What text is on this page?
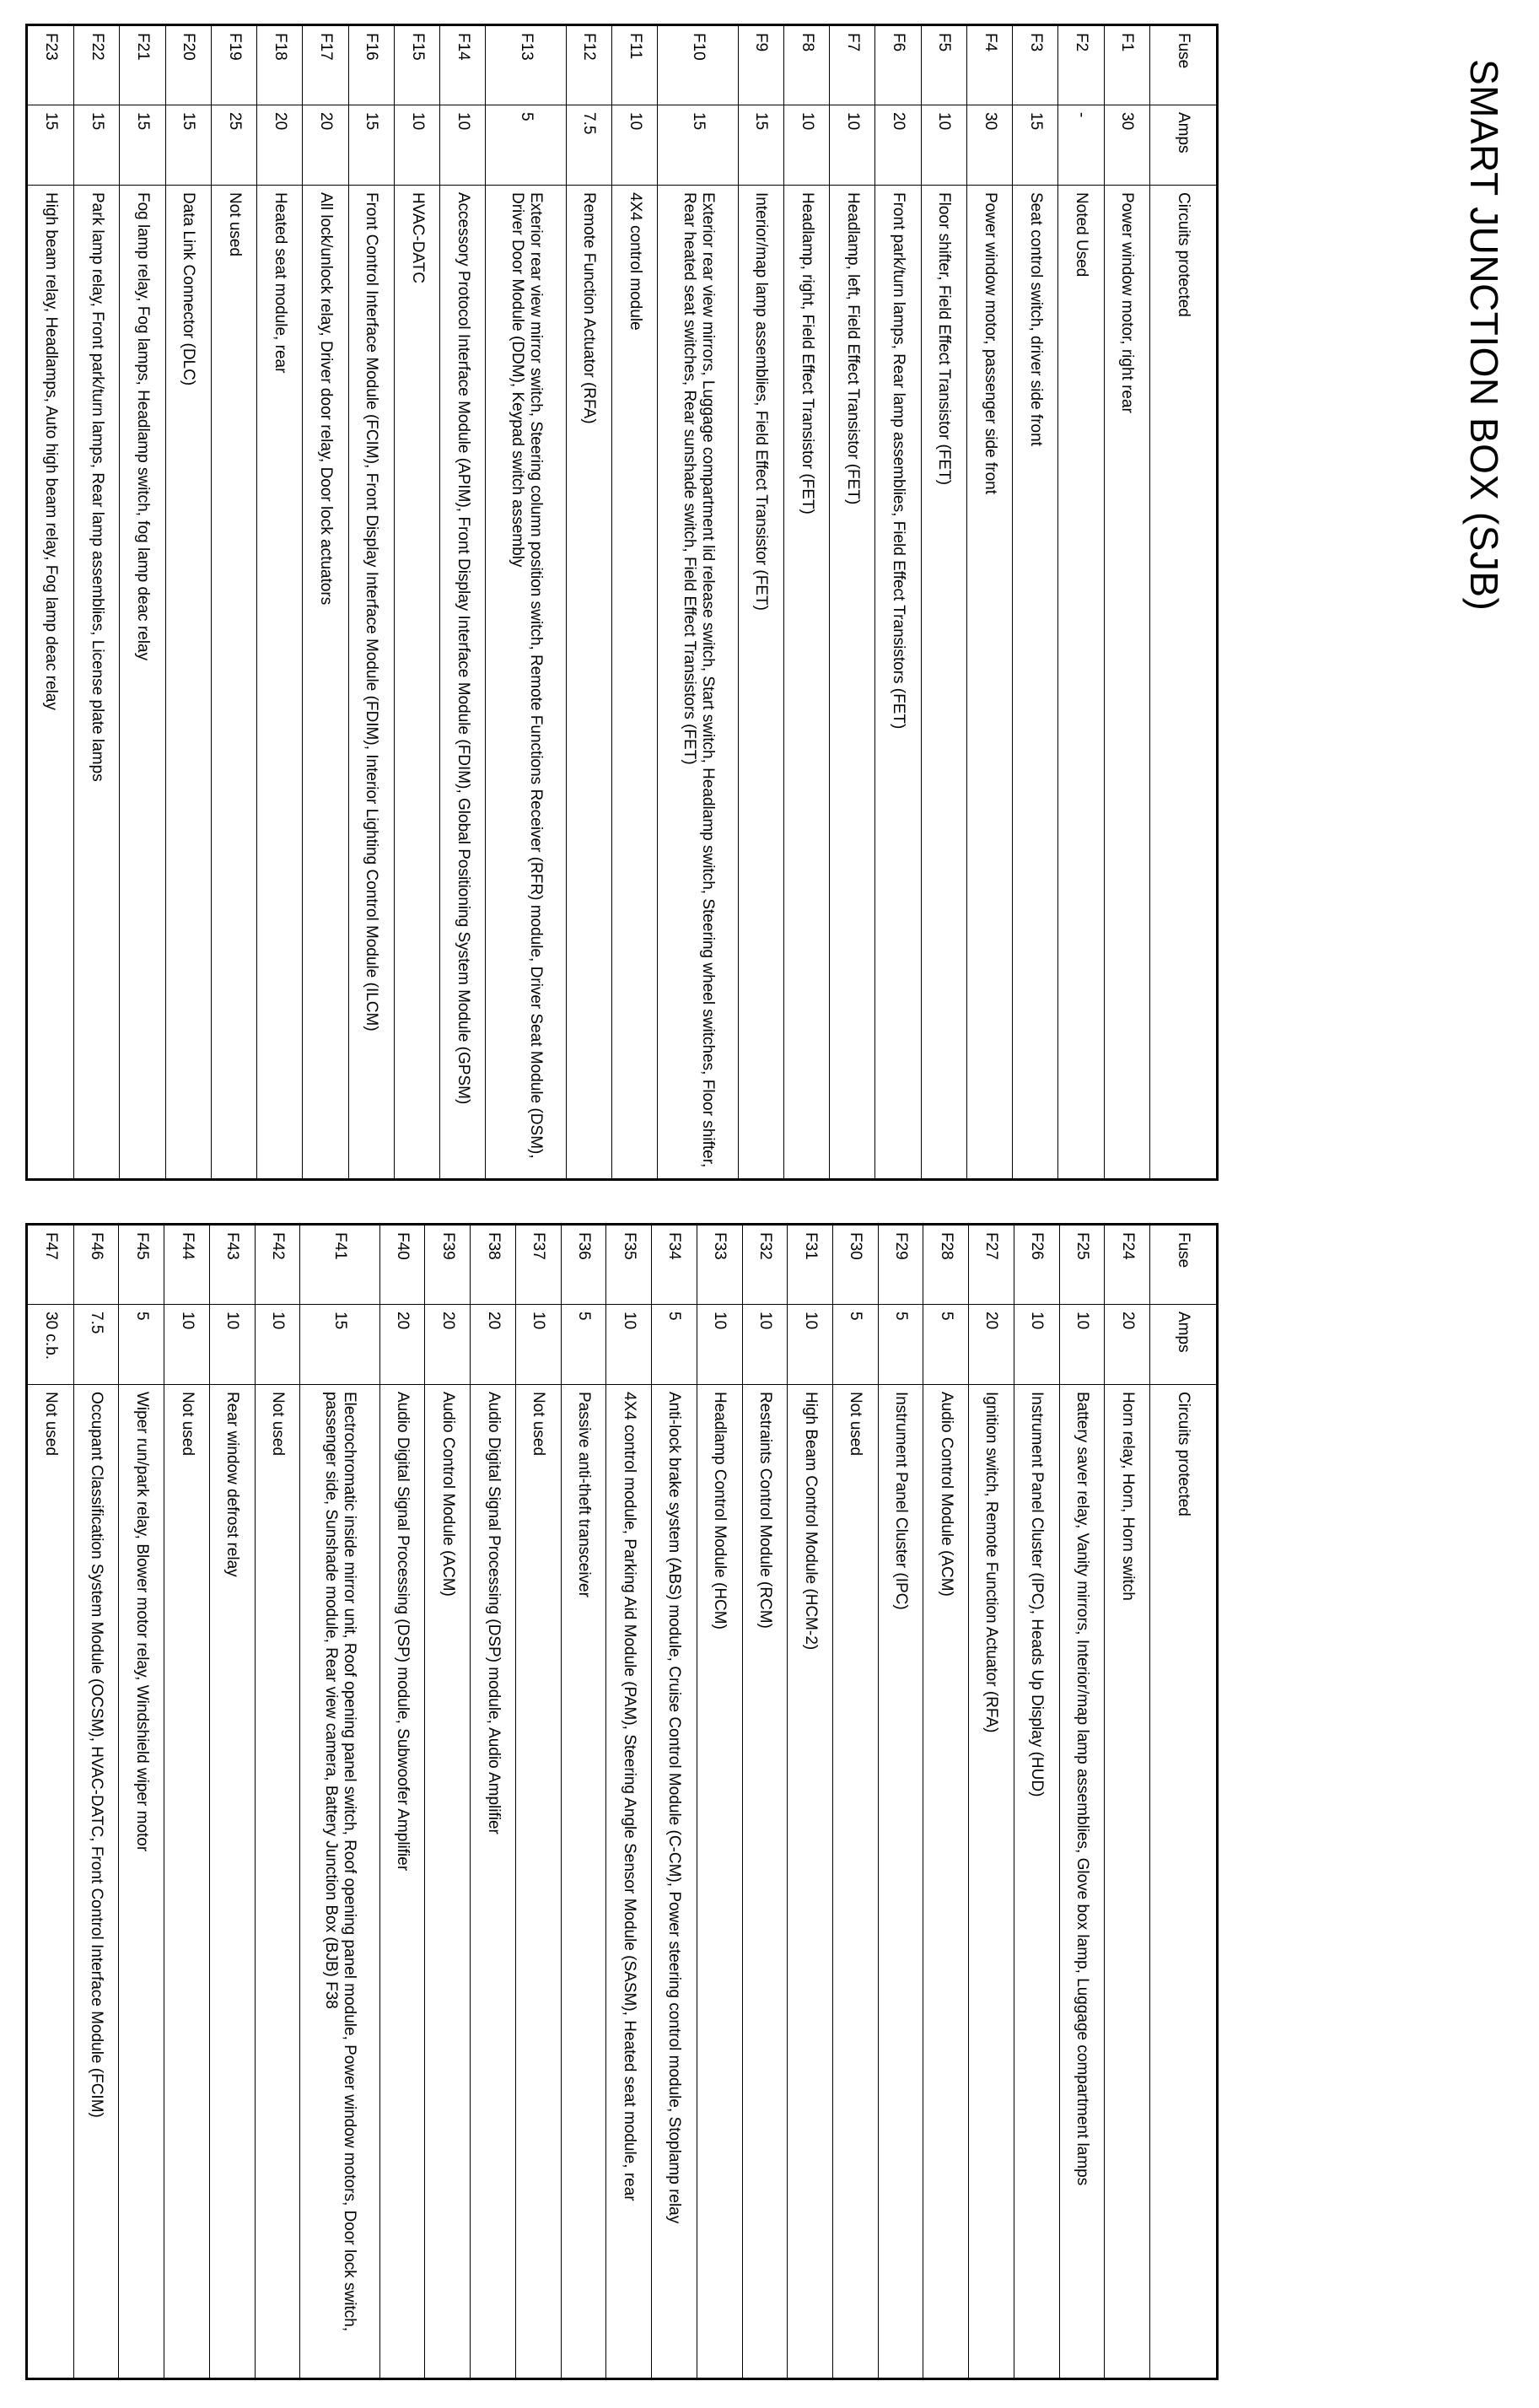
SMART JUNCTION BOX (SJB)
Fuse	Amps	Circuits protected
F1	30	Power window motor, right rear
F2	-	Noted Used
F3	15	Seat control switch, driver side front
F4	30	Power window motor, passenger side front
F5	10	Floor shifter, Field Effect Transistor (FET)
F6	20	Front park/turn lamps, Rear lamp assemblies, Field Effect Transistors (FET)
F7	10	Headlamp, left, Field Effect Transistor (FET)
F8	10	Headlamp, right, Field Effect Transistor (FET)
F9	15	Interior/map lamp assemblies, Field Effect Transistor (FET)
F10	15	Exterior rear view mirrors, Luggage compartment lid release switch, Start switch, Headlamp switch, Steering wheel switches, Floor shifter, Rear heated seat switches, Rear sunshade switch, Field Effect Transistors (FET)
F11	10	4X4 control module
F12	7.5	Remote Function Actuator (RFA)
F13	5	Exterior rear view mirror switch, Steering column position switch, Remote Functions Receiver (RFR) module, Driver Seat Module (DSM), Driver Door Module (DDM), Keypad switch assembly
F14	10	Accessory Protocol Interface Module (APIM), Front Display Interface Module (FDIM), Global Positioning System Module (GPSM)
F15	10	HVAC-DATC
F16	15	Front Control Interface Module (FCIM), Front Display Interface Module (FDIM), Interior Lighting Control Module (ILCM)
F17	20	All lock/unlock relay, Driver door relay, Door lock actuators
F18	20	Heated seat module, rear
F19	25	Not used
F20	15	Data Link Connector (DLC)
F21	15	Fog lamp relay, Fog lamps, Headlamp switch, fog lamp deac relay
F22	15	Park lamp relay, Front park/turn lamps, Rear lamp assemblies, License plate lamps
F23	15	High beam relay, Headlamps, Auto high beam relay, Fog lamp deac relay
Fuse	Amps	Circuits protected
F24	20	Horn relay, Horn, Horn switch
F25	10	Battery saver relay, Vanity mirrors, Interior/map lamp assemblies, Glove box lamp, Luggage compartment lamps
F26	10	Instrument Panel Cluster (IPC), Heads Up Display (HUD)
F27	20	Ignition switch, Remote Function Actuator (RFA)
F28	5	Audio Control Module (ACM)
F29	5	Instrument Panel Cluster (IPC)
F30	5	Not used
F31	10	High Beam Control Module (HCM-2)
F32	10	Restraints Control Module (RCM)
F33	10	Headlamp Control Module (HCM)
F34	5	Anti-lock brake system (ABS) module, Cruise Control Module (C-CM), Power steering control module, Stoplamp relay
F35	10	4X4 control module, Parking Aid Module (PAM), Steering Angle Sensor Module (SASM), Heated seat module, rear
F36	5	Passive anti-theft transceiver
F37	10	Not used
F38	20	Audio Digital Signal Processing (DSP) module, Audio Amplifier
F39	20	Audio Control Module (ACM)
F40	20	Audio Digital Signal Processing (DSP) module, Subwoofer Amplifier
F41	15	Electrochromatic inside mirror unit, Roof opening panel switch, Roof opening panel module, Power window motors, Door lock switch, passenger side, Sunshade module, Rear view camera, Battery Junction Box (BJB) F38
F42	10	Not used
F43	10	Rear window defrost relay
F44	10	Not used
F45	5	Wiper run/park relay, Blower motor relay, Windshield wiper motor
F46	7.5	Occupant Classification System Module (OCSM), HVAC-DATC, Front Control Interface Module (FCIM)
F47	30 c.b.	Not used
